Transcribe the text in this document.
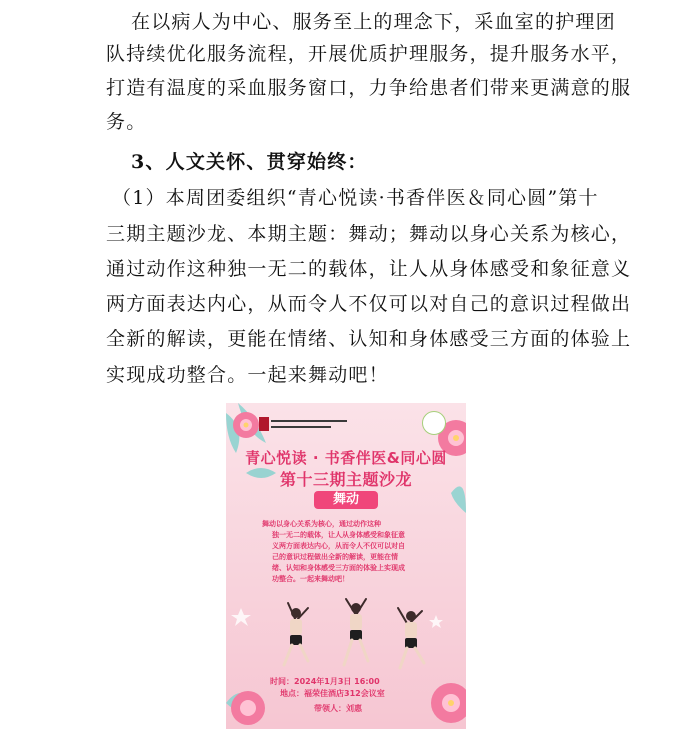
在以病人为中心、服务至上的理念下，采血室的护理团
队持续优化服务流程，开展优质护理服务，提升服务水平，
打造有温度的采血服务窗口，力争给患者们带来更满意的服
务。
3、人文关怀、贯穿始终：
（1）本周团委组织“青心悦读·书香伴医＆同心圆”第十
三期主题沙龙、本期主题：舞动；舞动以身心关系为核心，
通过动作这种独一无二的载体，让人从身体感受和象征意义
两方面表达内心，从而令人不仅可以对自己的意识过程做出
全新的解读，更能在情绪、认知和身体感受三方面的体验上
实现成功整合。一起来舞动吧！
青心悦读 · 书香伴医&同心圆
第十三期主题沙龙
舞动
舞动以身心关系为核心，通过动作这种
独一无二的载体，让人从身体感受和象征意
义两方面表达内心，从而令人不仅可以对自
己的意识过程做出全新的解读，更能在情
绪、认知和身体感受三方面的体验上实现成
功整合。一起来舞动吧！
时间：2024年1月3日 16:00
地点：福荣佳酒店312会议室
带领人：刘惠
